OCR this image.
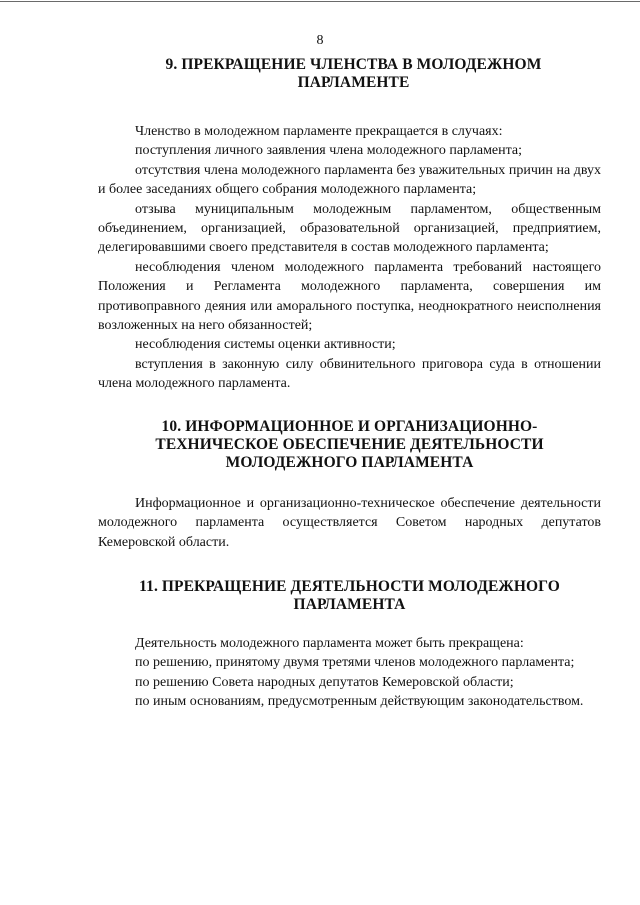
8
9. ПРЕКРАЩЕНИЕ ЧЛЕНСТВА В МОЛОДЕЖНОМ
ПАРЛАМЕНТЕ

Членство в молодежном парламенте прекращается в случаях:

поступления личного заявления члена молодежного парламента;

отсутствия члена молодежного парламента без уважительных причин на двух и более заседаниях общего собрания молодежного парламента;

отзыва муниципальным молодежным парламентом, общественным объединением, организацией, образовательной организацией, предприятием, делегировавшими своего представителя в состав молодежного парламента;

несоблюдения членом молодежного парламента требований настоящего Положения и Регламента молодежного парламента, совершения им противоправного деяния или аморального поступка, неоднократного неисполнения возложенных на него обязанностей;

несоблюдения системы оценки активности;

вступления в законную силу обвинительного приговора суда в отношении члена молодежного парламента.

10. ИНФОРМАЦИОННОЕ И ОРГАНИЗАЦИОННО-
ТЕХНИЧЕСКОЕ ОБЕСПЕЧЕНИЕ ДЕЯТЕЛЬНОСТИ
МОЛОДЕЖНОГО ПАРЛАМЕНТА

Информационное и организационно-техническое обеспечение деятельности молодежного парламента осуществляется Советом народных депутатов Кемеровской области.

11. ПРЕКРАЩЕНИЕ ДЕЯТЕЛЬНОСТИ МОЛОДЕЖНОГО
ПАРЛАМЕНТА

Деятельность молодежного парламента может быть прекращена:

по решению, принятому двумя третями членов молодежного парламента;

по решению Совета народных депутатов Кемеровской области;

по иным основаниям, предусмотренным действующим законодательством.
